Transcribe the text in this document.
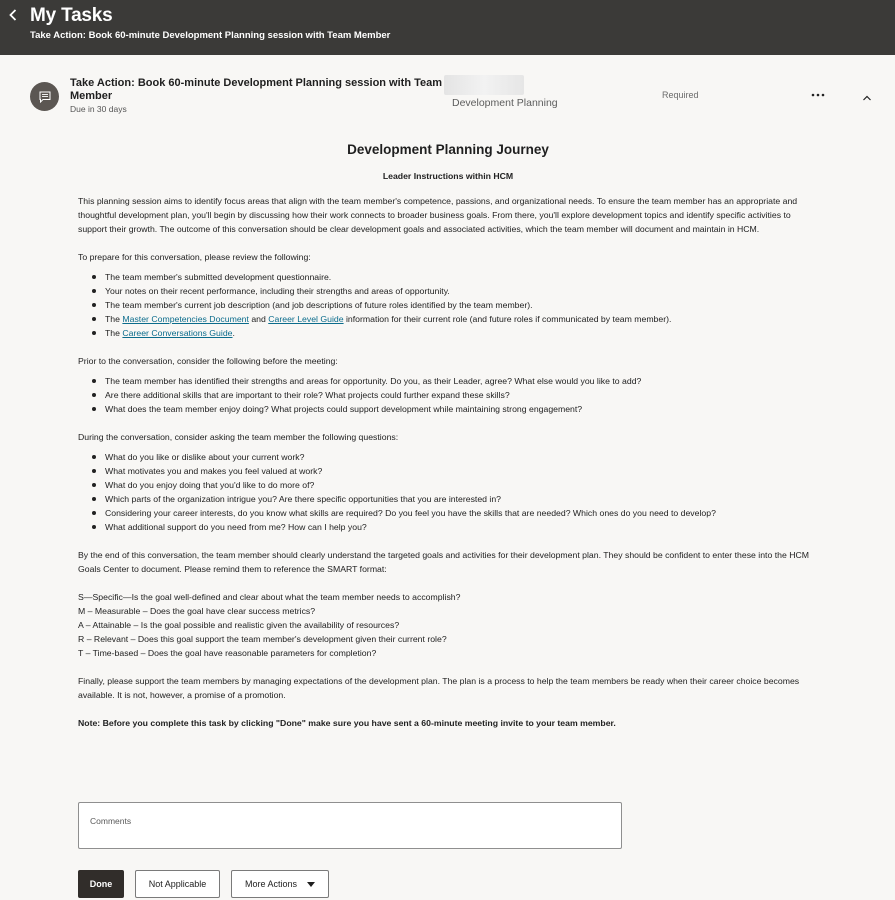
My Tasks
Take Action: Book 60-minute Development Planning session with Team Member
Take Action: Book 60-minute Development Planning session with Team Member
Due in 30 days	Development Planning
Required
Development Planning Journey
Leader Instructions within HCM

This planning session aims to identify focus areas that align with the team member's competence, passions, and organizational needs. To ensure the team member has an appropriate and thoughtful development plan, you'll begin by discussing how their work connects to broader business goals. From there, you'll explore development topics and identify specific activities to support their growth. The outcome of this conversation should be clear development goals and associated activities, which the team member will document and maintain in HCM.

To prepare for this conversation, please review the following:

The team member's submitted development questionnaire.
Your notes on their recent performance, including their strengths and areas of opportunity.
The team member's current job description (and job descriptions of future roles identified by the team member).
The Master Competencies Document and Career Level Guide information for their current role (and future roles if communicated by team member).
The Career Conversations Guide.

Prior to the conversation, consider the following before the meeting:

The team member has identified their strengths and areas for opportunity. Do you, as their Leader, agree? What else would you like to add?
Are there additional skills that are important to their role? What projects could further expand these skills?
What does the team member enjoy doing? What projects could support development while maintaining strong engagement?

During the conversation, consider asking the team member the following questions:

What do you like or dislike about your current work?
What motivates you and makes you feel valued at work?
What do you enjoy doing that you'd like to do more of?
Which parts of the organization intrigue you? Are there specific opportunities that you are interested in?
Considering your career interests, do you know what skills are required? Do you feel you have the skills that are needed? Which ones do you need to develop?
What additional support do you need from me? How can I help you?

By the end of this conversation, the team member should clearly understand the targeted goals and activities for their development plan. They should be confident to enter these into the HCM Goals Center to document. Please remind them to reference the SMART format:

S—Specific—Is the goal well-defined and clear about what the team member needs to accomplish?

M – Measurable – Does the goal have clear success metrics?

A – Attainable – Is the goal possible and realistic given the availability of resources?

R – Relevant – Does this goal support the team member's development given their current role?

T – Time-based – Does the goal have reasonable parameters for completion?

Finally, please support the team members by managing expectations of the development plan. The plan is a process to help the team members be ready when their career choice becomes available. It is not, however, a promise of a promotion.

Note: Before you complete this task by clicking "Done" make sure you have sent a 60-minute meeting invite to your team member.

Comments
Done	Not Applicable	More Actions
